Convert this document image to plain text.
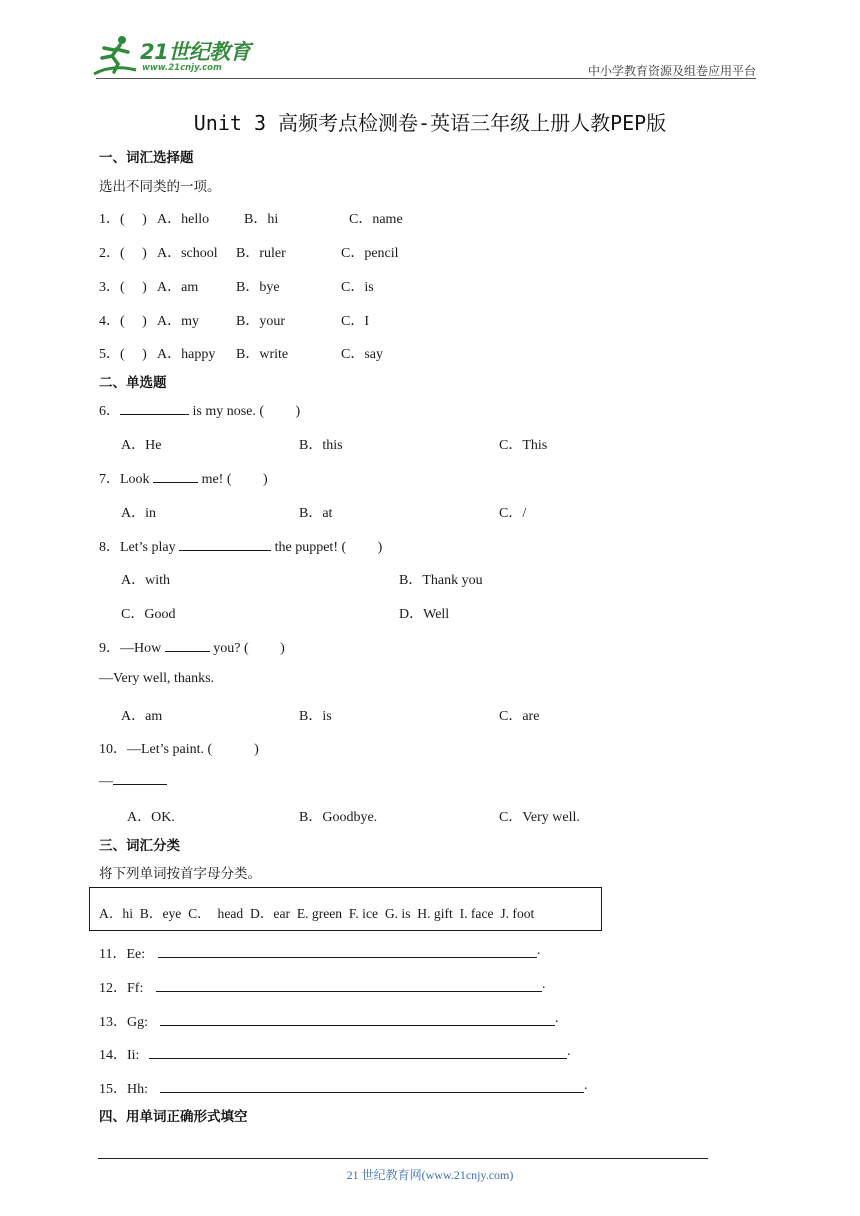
21世纪教育
www.21cnjy.com	中小学教育资源及组卷应用平台
Unit 3 高频考点检测卷-英语三年级上册人教PEP版
一、词汇选择题
选出不同类的一项。
1．(　 ) A．hello B．hi	C．name
2．(　 ) A．school B．ruler	C．pencil
3．(　 ) A．am	B．bye	C．is
4．(　 ) A．my	B．your	C．I
5．(　 ) A．happy B．write	C．say
二、单选题
6．	is my nose. (　　 )
A．He	B．this	C．This
7．Look	me! (　　 )
A．in	B．at	C．/
8．Let’s play	the puppet! (　　 )
A．with	B．Thank you
C．Good	D．Well
9．—How	you? (　　 )
—Very well, thanks.
A．am	B．is	C．are
10．—Let’s paint. (　　　)
—
A．OK.	B．Goodbye.	C．Very well.
三、词汇分类
将下列单词按首字母分类。
A．hi  B．eye  C．  head  D．ear  E. green  F. ice  G. is  H. gift  I. face  J. foot
11．Ee:	.
12．Ff:	.
13．Gg:	.
14．Ii:	.
15．Hh:	.
四、用单词正确形式填空
21 世纪教育网(www.21cnjy.com)
